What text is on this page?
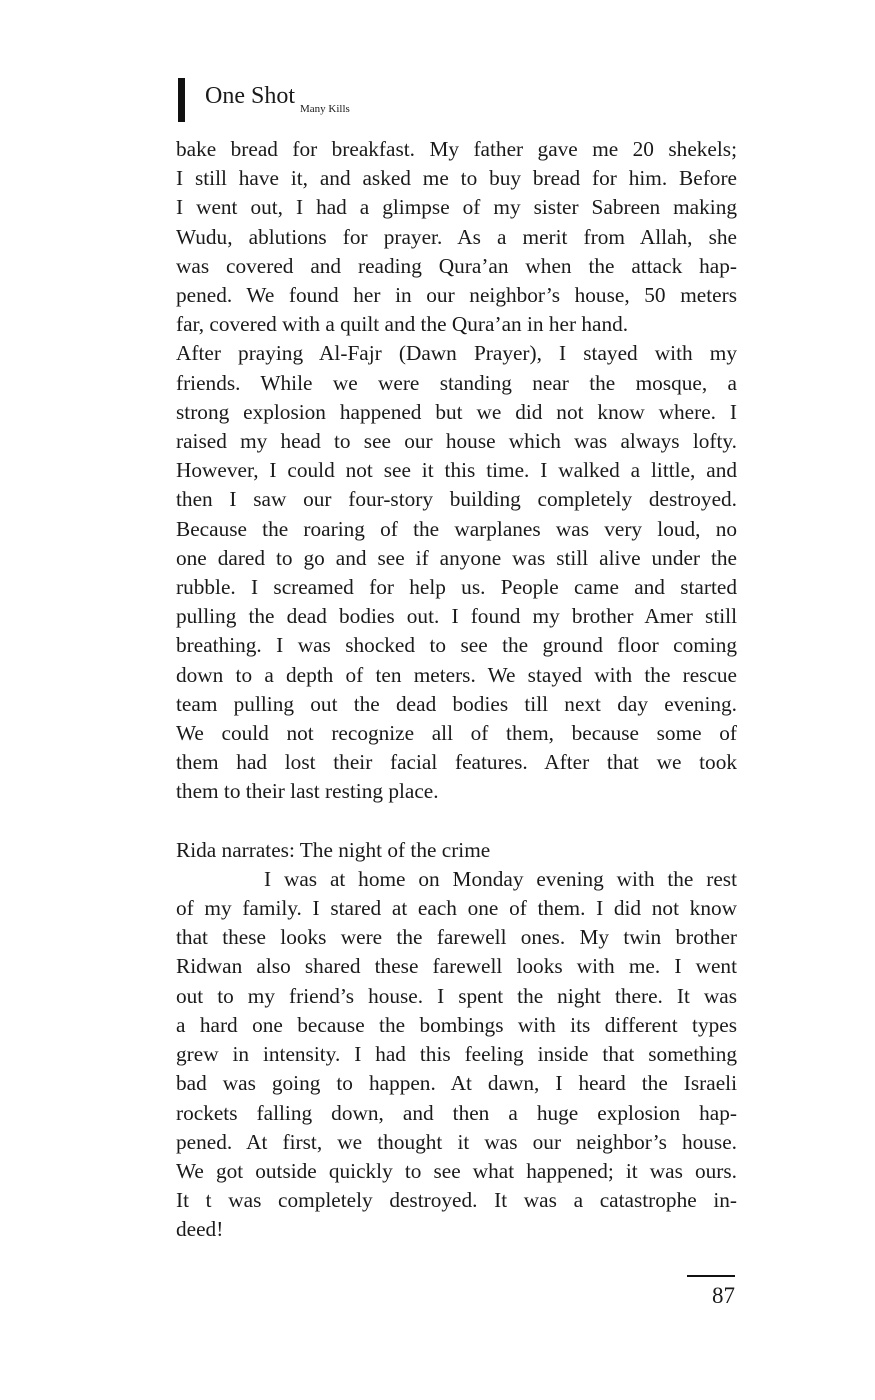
One Shot Many Kills
bake bread for breakfast. My father gave me 20 shekels;
I still have it, and asked me to buy bread for him. Before
I went out, I had a glimpse of my sister Sabreen making
Wudu, ablutions for prayer. As a merit from Allah, she
was covered and reading Qura’an when the attack hap-
pened. We found her in our neighbor’s house, 50 meters
far, covered with a quilt and the Qura’an in her hand.
After praying Al-Fajr (Dawn Prayer), I stayed with my
friends. While we were standing near the mosque, a
strong explosion happened but we did not know where. I
raised my head to see our house which was always lofty.
However, I could not see it this time. I walked a little, and
then I saw our four-story building completely destroyed.
Because the roaring of the warplanes was very loud, no
one dared to go and see if anyone was still alive under the
rubble. I screamed for help us. People came and started
pulling the dead bodies out. I found my brother Amer still
breathing. I was shocked to see the ground floor coming
down to a depth of ten meters. We stayed with the rescue
team pulling out the dead bodies till next day evening.
We could not recognize all of them, because some of
them had lost their facial features. After that we took
them to their last resting place.
Rida narrates: The night of the crime
I was at home on Monday evening with the rest
of my family. I stared at each one of them. I did not know
that these looks were the farewell ones. My twin brother
Ridwan also shared these farewell looks with me. I went
out to my friend’s house. I spent the night there. It was
a hard one because the bombings with its different types
grew in intensity. I had this feeling inside that something
bad was going to happen. At dawn, I heard the Israeli
rockets falling down, and then a huge explosion hap-
pened. At first, we thought it was our neighbor’s house.
We got outside quickly to see what happened; it was ours.
It t was completely destroyed. It was a catastrophe in-
deed!
87
